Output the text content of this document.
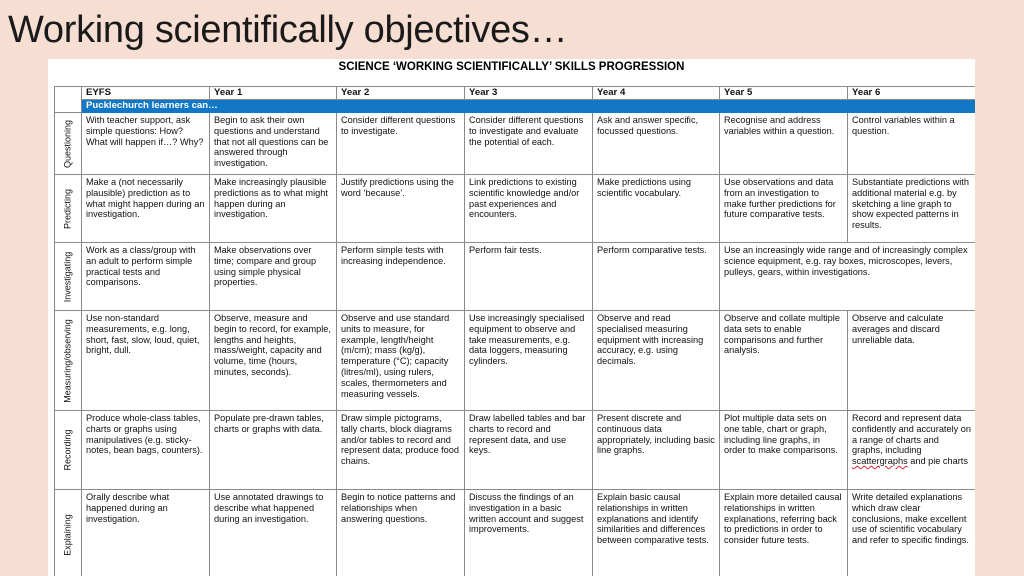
Working scientifically objectives…
SCIENCE ‘WORKING SCIENTIFICALLY’ SKILLS PROGRESSION
	EYFS	Year 1	Year 2	Year 3	Year 4	Year 5	Year 6
	Pucklechurch learners can…						

Questioning	With teacher support, ask simple questions: How? What will happen if…? Why?	Begin to ask their own questions and understand that not all questions can be answered through investigation.	Consider different questions to investigate.	Consider different questions to investigate and evaluate the potential of each.	Ask and answer specific, focussed questions.	Recognise and address variables within a question.	Control variables within a question.

Predicting	Make a (not necessarily plausible) prediction as to what might happen during an investigation.	Make increasingly plausible predictions as to what might happen during an investigation.	Justify predictions using the word ‘because’.	Link predictions to existing scientific knowledge and/or past experiences and encounters.	Make predictions using scientific vocabulary.	Use observations and data from an investigation to make further predictions for future comparative tests.	Substantiate predictions with additional material e.g. by sketching a line graph to show expected patterns in results.

Investigating	Work as a class/group with an adult to perform simple practical tests and comparisons.	Make observations over time; compare and group using simple physical properties.	Perform simple tests with increasing independence.	Perform fair tests.	Perform comparative tests.	Use an increasingly wide range and of increasingly complex science equipment, e.g. ray boxes, microscopes, levers, pulleys, gears, within investigations.	

Measuring/observing	Use non-standard measurements, e.g. long, short, fast, slow, loud, quiet, bright, dull.	Observe, measure and begin to record, for example, lengths and heights, mass/weight, capacity and volume, time (hours, minutes, seconds).	Observe and use standard units to measure, for example, length/height (m/cm); mass (kg/g), temperature (°C); capacity (litres/ml), using rulers, scales, thermometers and measuring vessels.	Use increasingly specialised equipment to observe and take measurements, e.g. data loggers, measuring cylinders.	Observe and read specialised measuring equipment with increasing accuracy, e.g. using decimals.	Observe and collate multiple data sets to enable comparisons and further analysis.	Observe and calculate averages and discard unreliable data.

Recording	Produce whole-class tables, charts or graphs using manipulatives (e.g. sticky-notes, bean bags, counters).	Populate pre-drawn tables, charts or graphs with data.	Draw simple pictograms, tally charts, block diagrams and/or tables to record and represent data; produce food chains.	Draw labelled tables and bar charts to record and represent data, and use keys.	Present discrete and continuous data appropriately, including basic line graphs.	Plot multiple data sets on one table, chart or graph, including line graphs, in order to make comparisons.	Record and represent data confidently and accurately on a range of charts and graphs, including scattergraphs and pie charts

Explaining	Orally describe what happened during an investigation.	Use annotated drawings to describe what happened during an investigation.	Begin to notice patterns and relationships when answering questions.	Discuss the findings of an investigation in a basic written account and suggest improvements.	Explain basic causal relationships in written explanations and identify similarities and differences between comparative tests.	Explain more detailed causal relationships in written explanations, referring back to predictions in order to consider future tests.	Write detailed explanations which draw clear conclusions, make excellent use of scientific vocabulary and refer to specific findings.
